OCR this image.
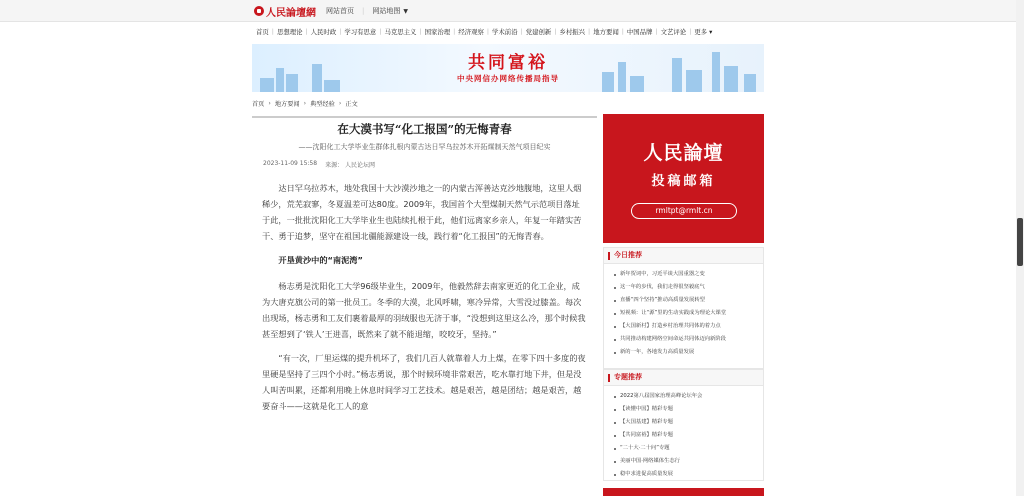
人民論壇網 网站首页 | 网站地图 ▼
首页 | 思想理论 | 人民时政 | 学习有思意 | 马克思主义 | 国家治理 | 经济观察 | 学术前沿 | 党建创新 | 乡村振兴 | 地方要闻 | 中国品牌 | 文艺评论 | 更多 ▾
共同富裕
中央网信办网络传播局指导
首页 › 地方要闻 › 典型经验 › 正文
在大漠书写“化工报国”的无悔青春
——沈阳化工大学毕业生群体扎根内蒙古达日罕乌拉苏木开拓煤制天然气项目纪实
2023-11-09 15:58 来源： 人民论坛网

达日罕乌拉苏木，地处我国十大沙漠沙地之一的内蒙古浑善达克沙地腹地，这里人烟稀少，荒芜寂寥，冬夏温差可达80度。2009年，我国首个大型煤制天然气示范项目落址于此，一批批沈阳化工大学毕业生也陆续扎根于此，他们远离家乡亲人，年复一年踏实苦干、勇于追梦，坚守在祖国北疆能源建设一线，践行着“化工报国”的无悔青春。

开垦黄沙中的“南泥湾”

杨志勇是沈阳化工大学96级毕业生，2009年，他毅然辞去南家更近的化工企业，成为大唐克旗公司的第一批员工。冬季的大漠，北风呼啸，寒冷异常，大雪没过膝盖。每次出现场，杨志勇和工友们裹着最厚的羽绒服也无济于事，“没想到这里这么冷，那个时候我甚至想到了‘铁人’王进喜，既然来了就不能退缩，咬咬牙，坚持。”

“有一次，厂里运煤的提升机坏了，我们几百人就靠着人力上煤，在零下四十多度的夜里硬是坚持了三四个小时。”杨志勇说，那个时候环境非常艰苦，吃水靠打地下井，但是没人叫苦叫累，还都利用晚上休息时间学习工艺技术。越是艰苦，越是团结；越是艰苦，越要奋斗——这就是化工人的意

人民論壇
投稿邮箱
rmltpt@rmlt.cn
今日推荐
新年贺词中，习近平谈大国重器之变
这一年的步伐，我们走得很坚毅底气
直播“四个坚持”推动高质量发展转型
短视频：让“源”里的生动实践成为理论大课堂
【大国新村】打造乡村治理共同体的着力点
共同推动构建网络空间命运共同体迈向新阶段
新的一年，各地发力高质量发展
专题推荐
2022第八届国家治理高峰论坛年会
【读懂中国】精彩专题
【大国基建】精彩专题
【共同富裕】精彩专题
“二十大·二十问”专题
美丽中国·网络媒体生态行
稳中求进促高质量发展
